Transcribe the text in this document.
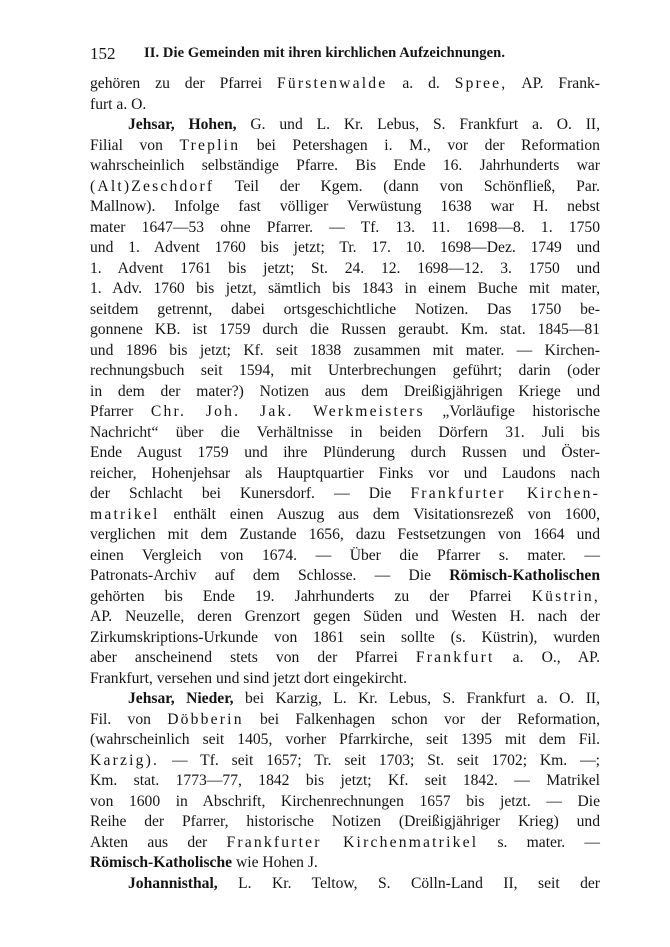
152 II. Die Gemeinden mit ihren kirchlichen Aufzeichnungen.
gehören zu der Pfarrei Fürstenwalde a. d. Spree, AP. Frank-
furt a. O.
Jehsar, Hohen, G. und L. Kr. Lebus, S. Frankfurt a. O. II,
Filial von Treplin bei Petershagen i. M., vor der Reformation
wahrscheinlich selbständige Pfarre. Bis Ende 16. Jahrhunderts war
(Alt)Zeschdorf Teil der Kgem. (dann von Schönfließ, Par.
Mallnow). Infolge fast völliger Verwüstung 1638 war H. nebst
mater 1647—53 ohne Pfarrer. — Tf. 13. 11. 1698—8. 1. 1750
und 1. Advent 1760 bis jetzt; Tr. 17. 10. 1698—Dez. 1749 und
1. Advent 1761 bis jetzt; St. 24. 12. 1698—12. 3. 1750 und
1. Adv. 1760 bis jetzt, sämtlich bis 1843 in einem Buche mit mater,
seitdem getrennt, dabei ortsgeschichtliche Notizen. Das 1750 be-
gonnene KB. ist 1759 durch die Russen geraubt. Km. stat. 1845—81
und 1896 bis jetzt; Kf. seit 1838 zusammen mit mater. — Kirchen-
rechnungsbuch seit 1594, mit Unterbrechungen geführt; darin (oder
in dem der mater?) Notizen aus dem Dreißigjährigen Kriege und
Pfarrer Chr. Joh. Jak. Werkmeisters „Vorläufige historische
Nachricht“ über die Verhältnisse in beiden Dörfern 31. Juli bis
Ende August 1759 und ihre Plünderung durch Russen und Öster-
reicher, Hohenjehsar als Hauptquartier Finks vor und Laudons nach
der Schlacht bei Kunersdorf. — Die Frankfurter Kirchen-
matrikel enthält einen Auszug aus dem Visitationsrezeß von 1600,
verglichen mit dem Zustande 1656, dazu Festsetzungen von 1664 und
einen Vergleich von 1674. — Über die Pfarrer s. mater. —
Patronats-Archiv auf dem Schlosse. — Die Römisch-Katholischen
gehörten bis Ende 19. Jahrhunderts zu der Pfarrei Küstrin,
AP. Neuzelle, deren Grenzort gegen Süden und Westen H. nach der
Zirkumskriptions-Urkunde von 1861 sein sollte (s. Küstrin), wurden
aber anscheinend stets von der Pfarrei Frankfurt a. O., AP.
Frankfurt, versehen und sind jetzt dort eingekircht.
Jehsar, Nieder, bei Karzig, L. Kr. Lebus, S. Frankfurt a. O. II,
Fil. von Döbberin bei Falkenhagen schon vor der Reformation,
(wahrscheinlich seit 1405, vorher Pfarrkirche, seit 1395 mit dem Fil.
Karzig). — Tf. seit 1657; Tr. seit 1703; St. seit 1702; Km. —;
Km. stat. 1773—77, 1842 bis jetzt; Kf. seit 1842. — Matrikel
von 1600 in Abschrift, Kirchenrechnungen 1657 bis jetzt. — Die
Reihe der Pfarrer, historische Notizen (Dreißigjähriger Krieg) und
Akten aus der Frankfurter Kirchenmatrikel s. mater. —
Römisch-Katholische wie Hohen J.
Johannisthal, L. Kr. Teltow, S. Cölln-Land II, seit der
